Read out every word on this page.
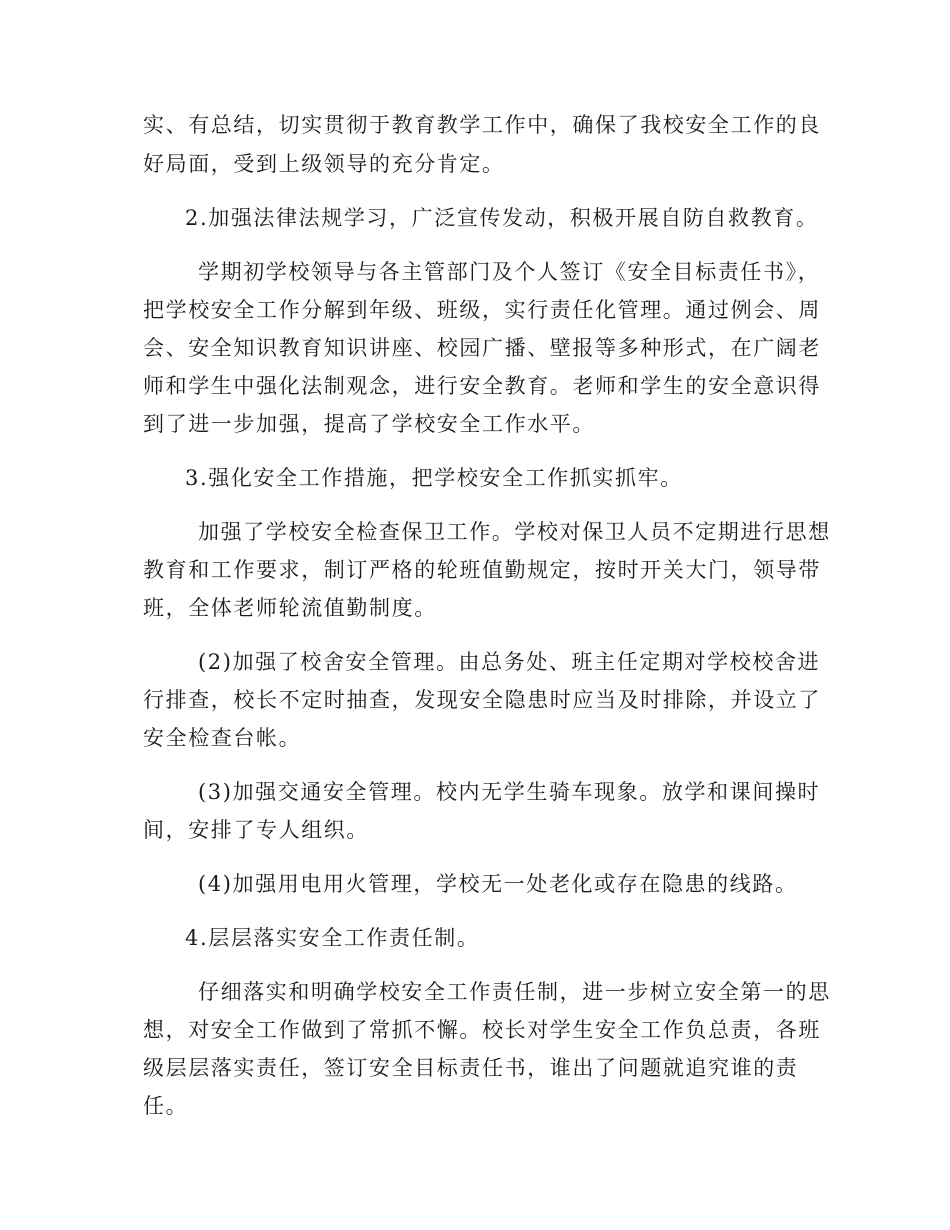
实、有总结，切实贯彻于教育教学工作中，确保了我校安全工作的良
好局面，受到上级领导的充分肯定。
2.加强法律法规学习，广泛宣传发动，积极开展自防自救教育。
学期初学校领导与各主管部门及个人签订《安全目标责任书》，
把学校安全工作分解到年级、班级，实行责任化管理。通过例会、周
会、安全知识教育知识讲座、校园广播、壁报等多种形式，在广阔老
师和学生中强化法制观念，进行安全教育。老师和学生的安全意识得
到了进一步加强，提高了学校安全工作水平。
3.强化安全工作措施，把学校安全工作抓实抓牢。
加强了学校安全检查保卫工作。学校对保卫人员不定期进行思想
教育和工作要求，制订严格的轮班值勤规定，按时开关大门，领导带
班，全体老师轮流值勤制度。
(2)加强了校舍安全管理。由总务处、班主任定期对学校校舍进
行排查，校长不定时抽查，发现安全隐患时应当及时排除，并设立了
安全检查台帐。
(3)加强交通安全管理。校内无学生骑车现象。放学和课间操时
间，安排了专人组织。
(4)加强用电用火管理，学校无一处老化或存在隐患的线路。
4.层层落实安全工作责任制。
仔细落实和明确学校安全工作责任制，进一步树立安全第一的思
想，对安全工作做到了常抓不懈。校长对学生安全工作负总责，各班
级层层落实责任，签订安全目标责任书，谁出了问题就追究谁的责
任。
